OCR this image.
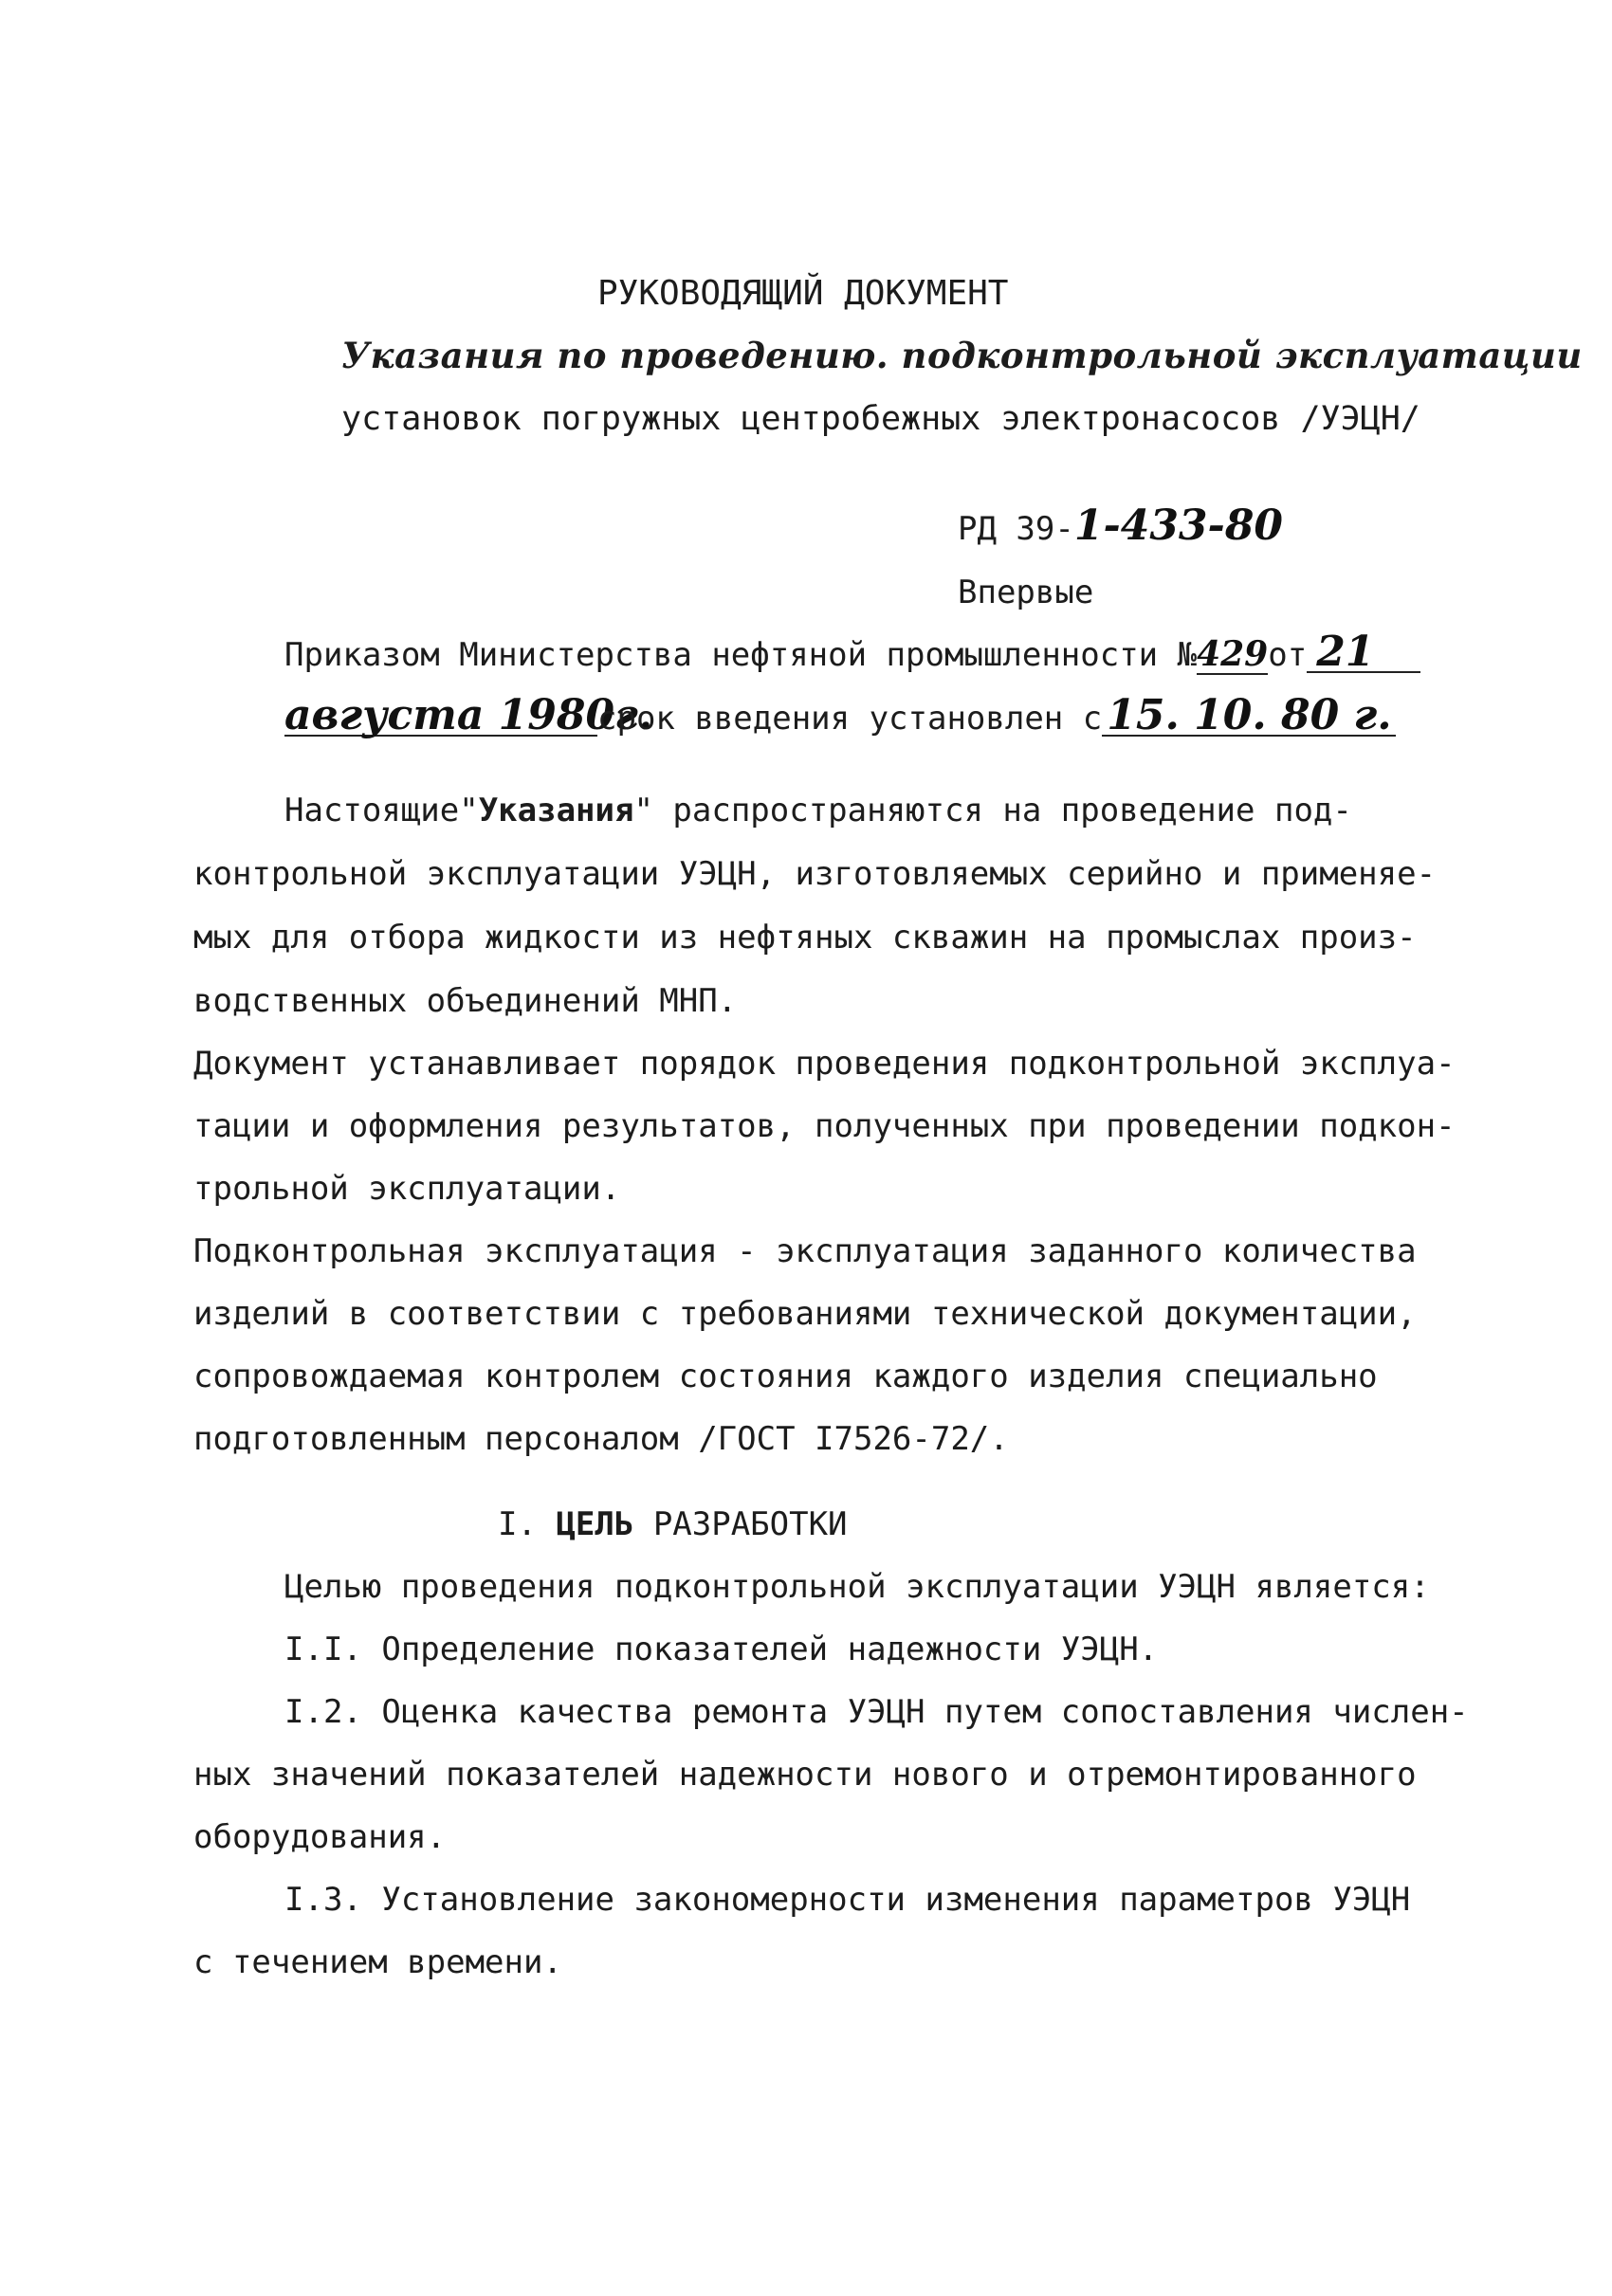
РУКОВОДЯЩИЙ ДОКУМЕНТ
Указания по проведению. подконтрольной эксплуатации
установок погружных центробежных электронасосов /УЭЦН/
РД 39-1-433-80
Впервые
Приказом Министерства нефтяной промышленности №429от 21
августа 1980г.срок введения установлен с 15. 10. 80 г.
Настоящие"Указания" распространяются на проведение под-
контрольной эксплуатации УЭЦН, изготовляемых серийно и применяе-
мых для отбора жидкости из нефтяных скважин на промыслах произ-
водственных объединений МНП.
Документ устанавливает порядок проведения подконтрольной эксплуа-
тации и оформления результатов, полученных при проведении подкон-
трольной эксплуатации.
Подконтрольная эксплуатация - эксплуатация заданного количества
изделий в соответствии с требованиями технической документации,
сопровождаемая контролем состояния каждого изделия специально
подготовленным персоналом /ГОСТ I7526-72/.
I. ЦЕЛЬ РАЗРАБОТКИ
Целью проведения подконтрольной эксплуатации УЭЦН является:
I.I. Определение показателей надежности УЭЦН.
I.2. Оценка качества ремонта УЭЦН путем сопоставления числен-
ных значений показателей надежности нового и отремонтированного
оборудования.
I.3. Установление закономерности изменения параметров УЭЦН
с течением времени.
